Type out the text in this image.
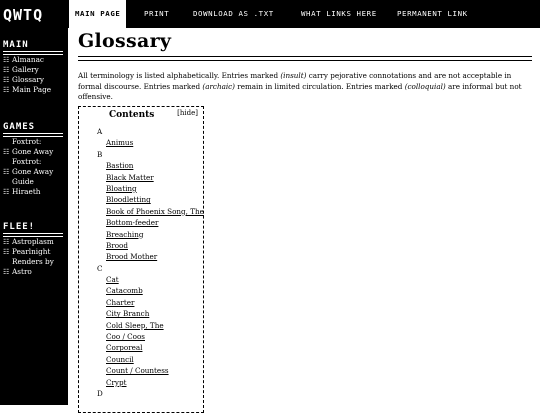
QWTQ
MAIN
☷ Almanac
☷ Gallery
☷ Glossary
☷ Main Page
GAMES
Foxtrot:
☷ Gone Away
Foxtrot:
☷ Gone Away
Guide
☷ Hiraeth
FLEE!
☷ Astroplasm
☷ Pearlnight
Renders by
☷ Astro
MAIN PAGE	PRINT	DOWNLOAD AS .TXT	WHAT LINKS HERE	PERMANENT LINK
Glossary
All terminology is listed alphabetically. Entries marked (insult) carry pejorative connotations and are not acceptable in formal discourse. Entries marked (archaic) remain in limited circulation. Entries marked (colloquial) are informal but not offensive.
Contents	[hide]
A
Animus
B
Bastion
Black Matter
Bloating
Bloodletting
Book of Phoenix Song, The
Bottom-feeder
Breaching
Brood
Brood Mother
C
Cat
Catacomb
Charter
City Branch
Cold Sleep, The
Coo / Coos
Corporeal
Council
Count / Countess
Crypt
D
